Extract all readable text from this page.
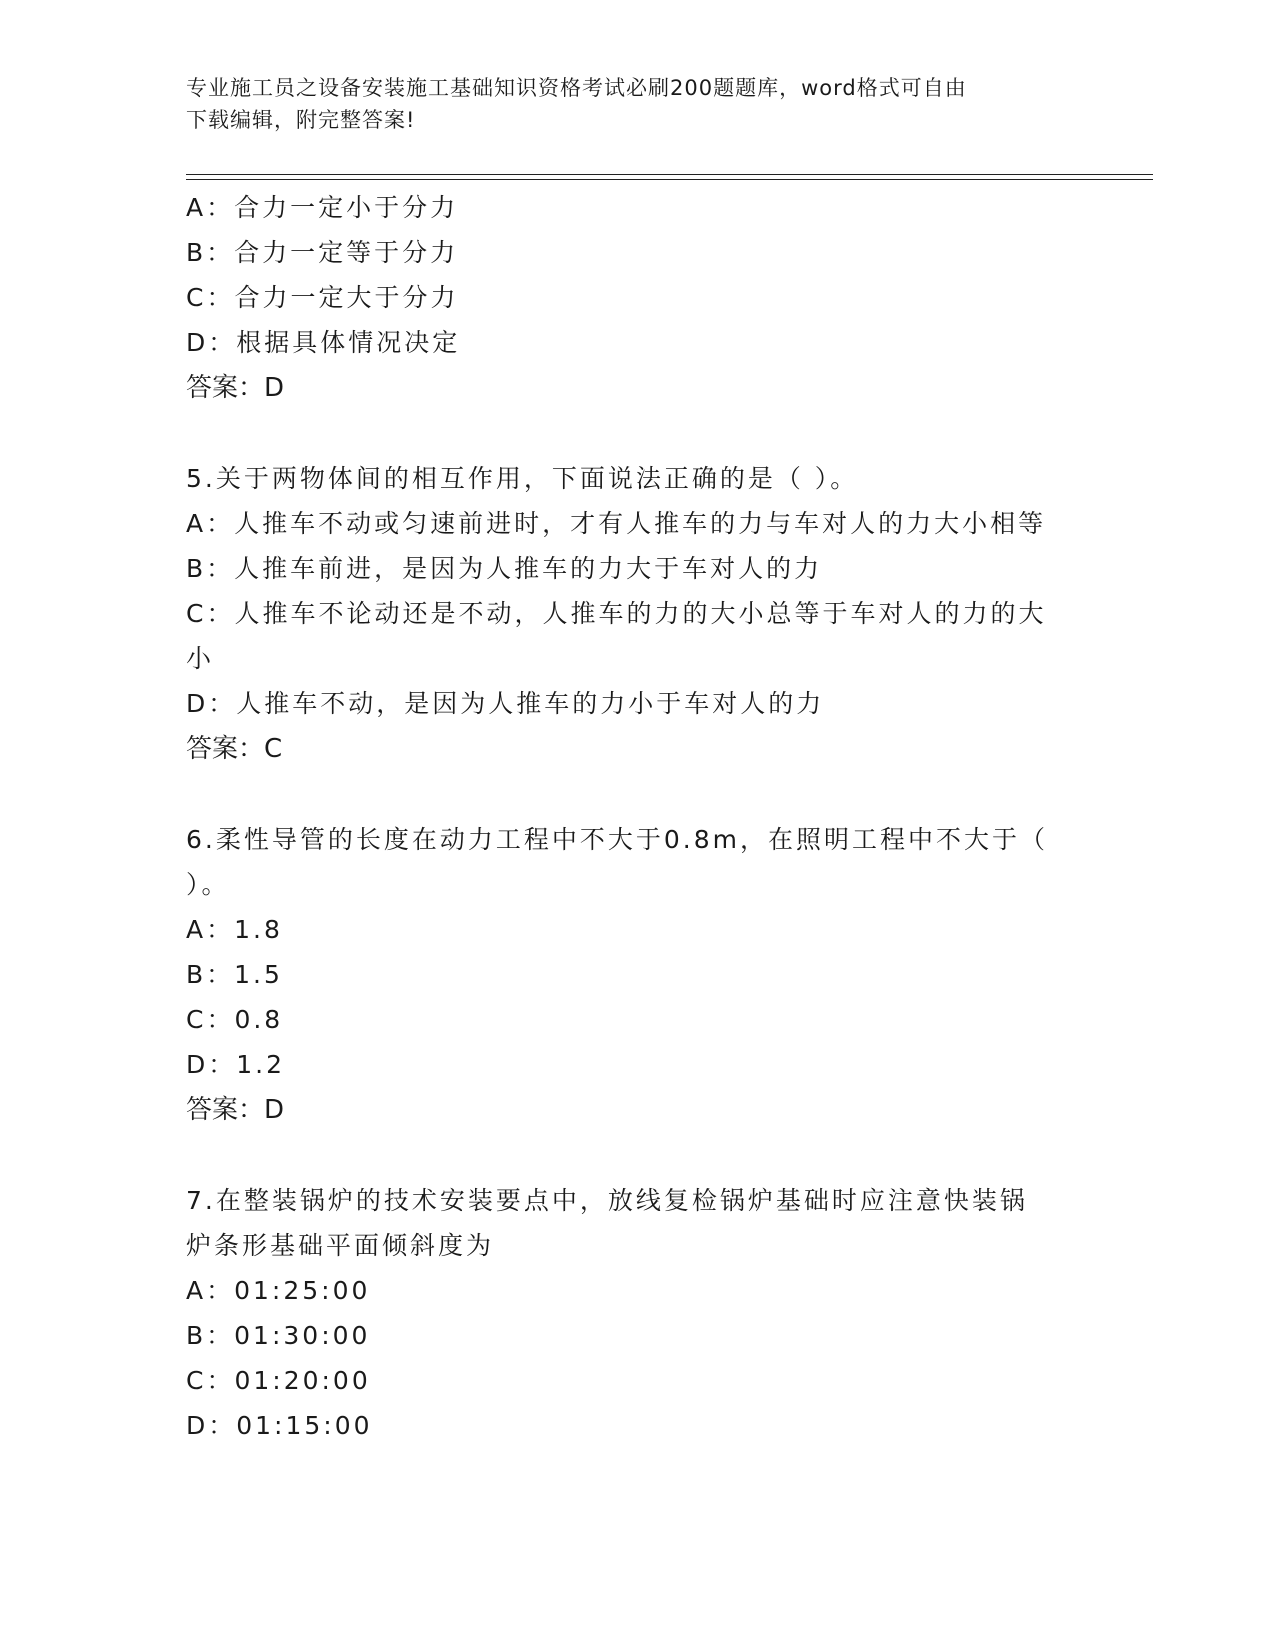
专业施工员之设备安装施工基础知识资格考试必刷200题题库，word格式可自由
下载编辑，附完整答案!
A：合力一定小于分力
B：合力一定等于分力
C：合力一定大于分力
D：根据具体情况决定
答案：D
5.关于两物体间的相互作用，下面说法正确的是（ ）。
A：人推车不动或匀速前进时，才有人推车的力与车对人的力大小相等
B：人推车前进，是因为人推车的力大于车对人的力
C：人推车不论动还是不动，人推车的力的大小总等于车对人的力的大
小
D：人推车不动，是因为人推车的力小于车对人的力
答案：C
6.柔性导管的长度在动力工程中不大于0.8m，在照明工程中不大于（
）。
A：1.8
B：1.5
C：0.8
D：1.2
答案：D
7.在整装锅炉的技术安装要点中，放线复检锅炉基础时应注意快装锅
炉条形基础平面倾斜度为
A：01:25:00
B：01:30:00
C：01:20:00
D：01:15:00
